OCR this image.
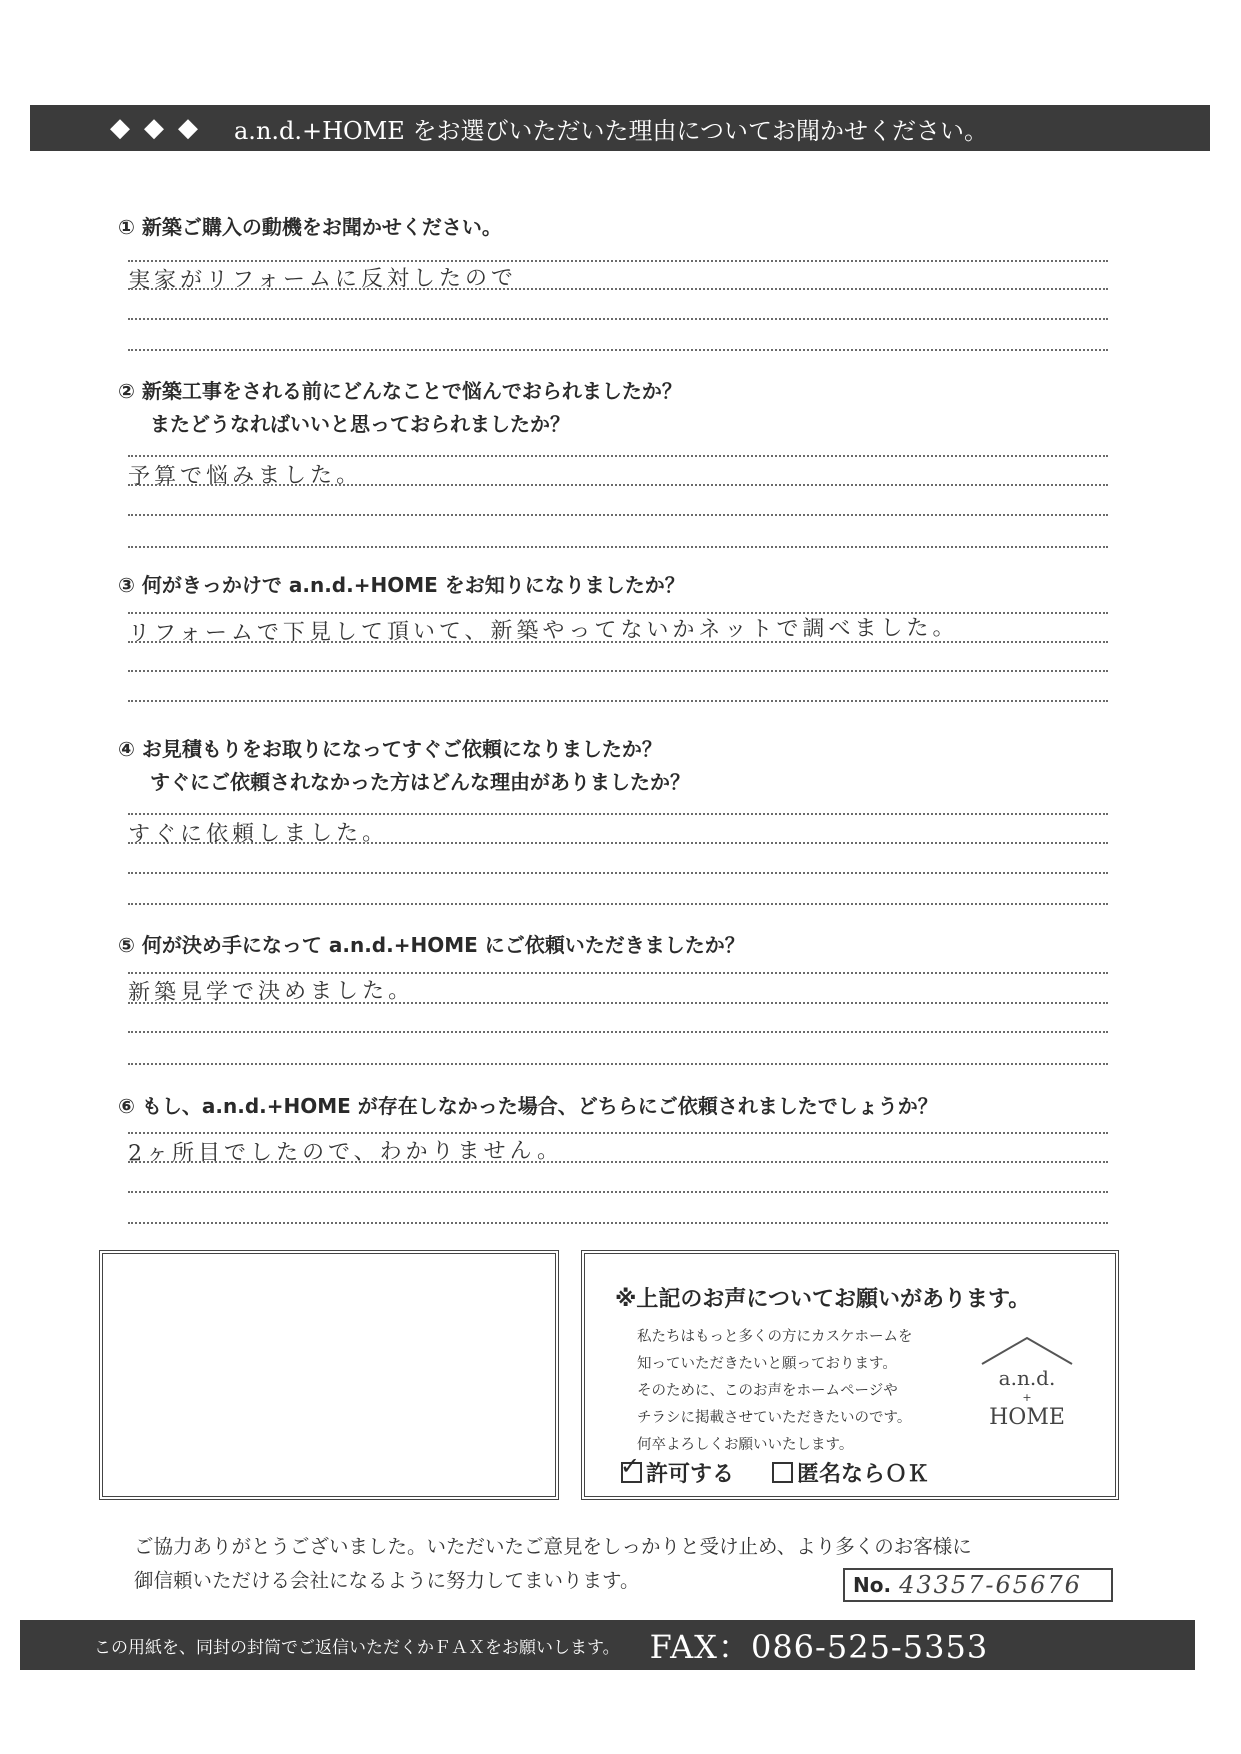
◆◆◆ a.n.d.+HOME をお選びいただいた理由についてお聞かせください。
① 新築ご購入の動機をお聞かせください。
実家がリフォームに反対したので
② 新築工事をされる前にどんなことで悩んでおられましたか？
またどうなればいいと思っておられましたか？
予算で悩みました。
③ 何がきっかけで a.n.d.+HOME をお知りになりましたか？
リフォームで下見して頂いて、新築やってないかネットで調べました。
④ お見積もりをお取りになってすぐご依頼になりましたか？
すぐにご依頼されなかった方はどんな理由がありましたか？
すぐに依頼しました。
⑤ 何が決め手になって a.n.d.+HOME にご依頼いただきましたか？
新築見学で決めました。
⑥ もし、a.n.d.+HOME が存在しなかった場合、どちらにご依頼されましたでしょうか？
2ヶ所目でしたので、わかりません。
※上記のお声についてお願いがあります。
私たちはもっと多くの方にカスケホームを
知っていただきたいと願っております。
そのために、このお声をホームページや
チラシに掲載させていただきたいのです。
何卒よろしくお願いいたします。
a.n.d.
+
HOME
✓ 許可する	匿名ならＯＫ
ご協力ありがとうございました。いただいたご意見をしっかりと受け止め、より多くのお客様に
御信頼いただける会社になるように努力してまいります。	No. 43357-65676
この用紙を、同封の封筒でご返信いただくかＦＡＸをお願いします。 FAX：086-525-5353
